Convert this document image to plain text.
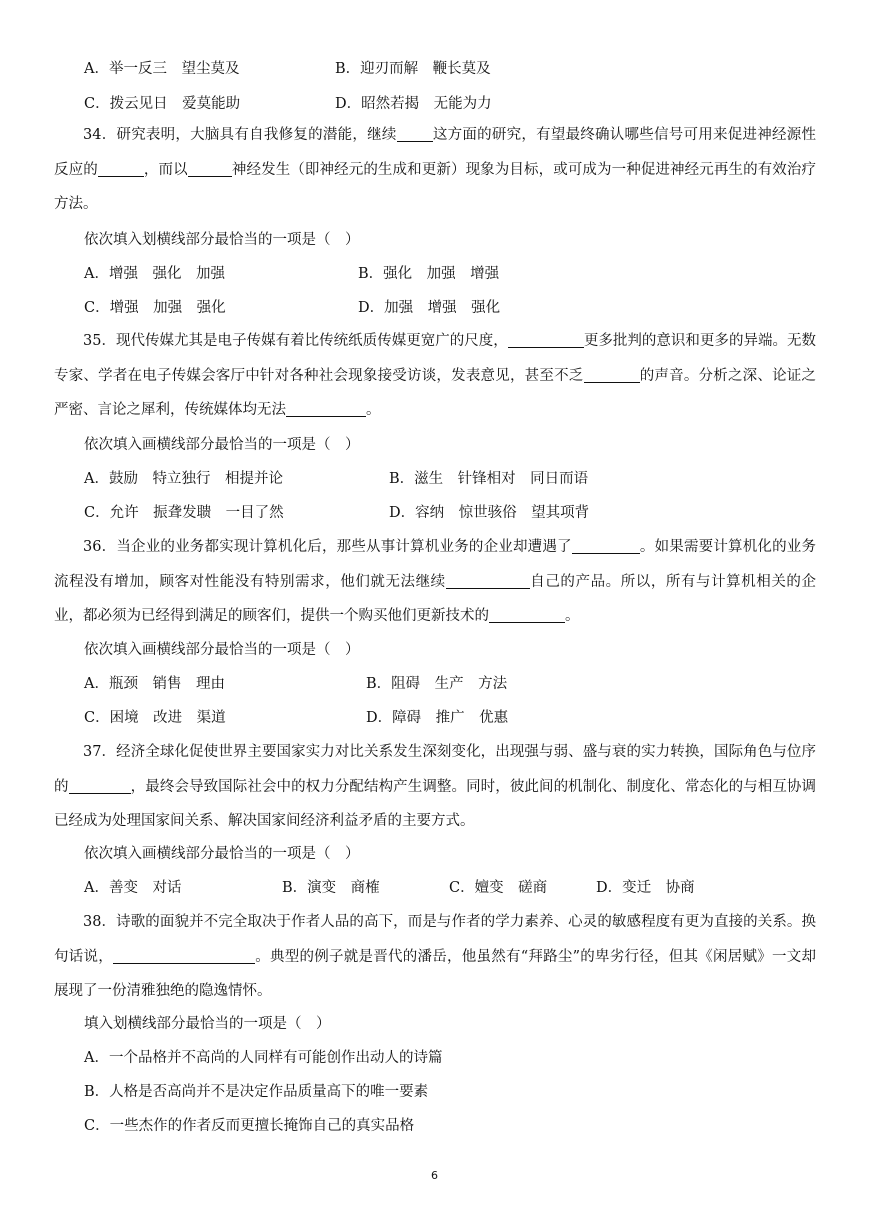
A．举一反三　望尘莫及	B．迎刃而解　鞭长莫及
C．拨云见日　爱莫能助	D．昭然若揭　无能为力
34．研究表明，大脑具有自我修复的潜能，继续 这方面的研究，有望最终确认哪些信号可用来促进神经源性反应的	，而以	神经发生（即神经元的生成和更新）现象为目标，或可成为一种促进神经元再生的有效治疗方法。
依次填入划横线部分最恰当的一项是（　）
A．增强　强化　加强	B．强化　加强　增强
C．增强　加强　强化	D．加强　增强　强化
35．现代传媒尤其是电子传媒有着比传统纸质传媒更宽广的尺度，	更多批判的意识和更多的异端。无数专家、学者在电子传媒会客厅中针对各种社会现象接受访谈，发表意见，甚至不乏	的声音。分析之深、论证之严密、言论之犀利，传统媒体均无法	。
依次填入画横线部分最恰当的一项是（　）
A．鼓励　特立独行　相提并论	B．滋生　针锋相对　同日而语
C．允许　振聋发聩　一目了然	D．容纳　惊世骇俗　望其项背
36．当企业的业务都实现计算机化后，那些从事计算机业务的企业却遭遇了	。如果需要计算机化的业务流程没有增加，顾客对性能没有特别需求，他们就无法继续	自己的产品。所以，所有与计算机相关的企业，都必须为已经得到满足的顾客们，提供一个购买他们更新技术的	。
依次填入画横线部分最恰当的一项是（　）
A．瓶颈　销售　理由	B．阻碍　生产　方法
C．困境　改进　渠道	D．障碍　推广　优惠
37．经济全球化促使世界主要国家实力对比关系发生深刻变化，出现强与弱、盛与衰的实力转换，国际角色与位序的	，最终会导致国际社会中的权力分配结构产生调整。同时，彼此间的机制化、制度化、常态化的与相互协调已经成为处理国家间关系、解决国家间经济利益矛盾的主要方式。
依次填入画横线部分最恰当的一项是（　）
A．善变　对话	B．演变　商榷	C．嬗变　磋商	D．变迁　协商
38．诗歌的面貌并不完全取决于作者人品的高下，而是与作者的学力素养、心灵的敏感程度有更为直接的关系。换句话说，	。典型的例子就是晋代的潘岳，他虽然有“拜路尘”的卑劣行径，但其《闲居赋》一文却展现了一份清雅独绝的隐逸情怀。
填入划横线部分最恰当的一项是（　）
A．一个品格并不高尚的人同样有可能创作出动人的诗篇
B．人格是否高尚并不是决定作品质量高下的唯一要素
C．一些杰作的作者反而更擅长掩饰自己的真实品格
6
